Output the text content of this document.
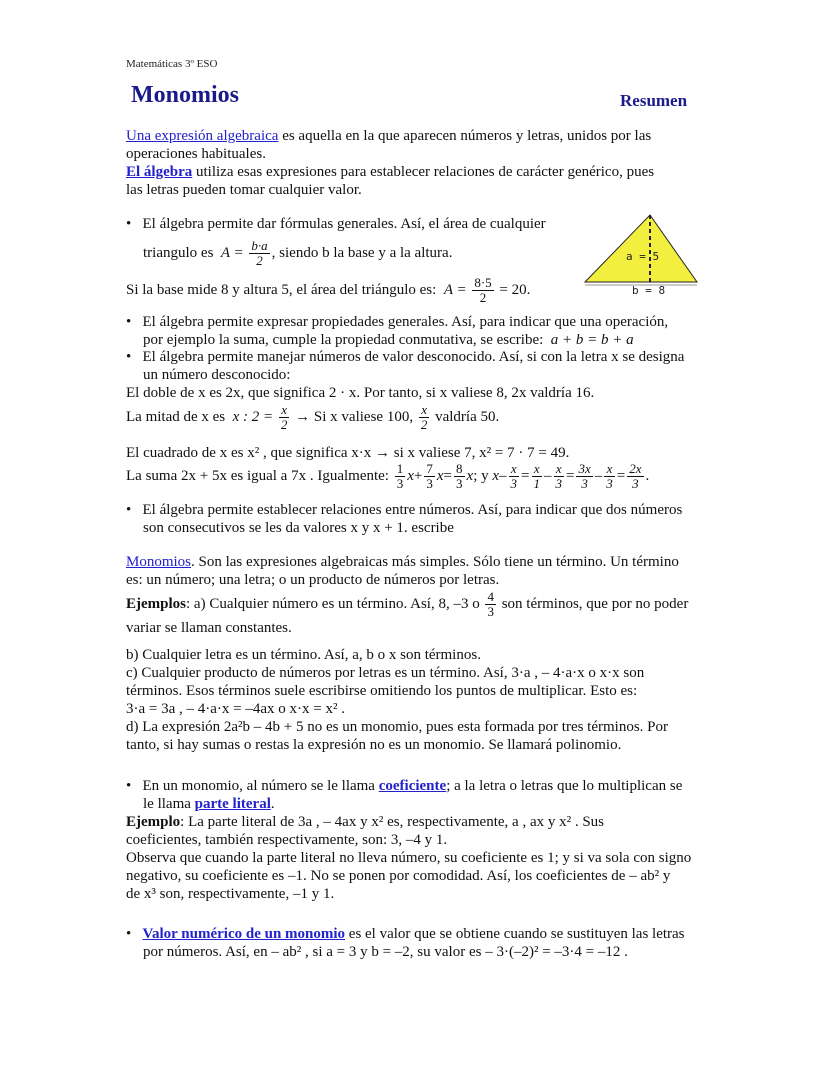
Matemáticas 3º ESO
Monomios	Resumen
Una expresión algebraica es aquella en la que aparecen números y letras, unidos por las
operaciones habituales.
El álgebra utiliza esas expresiones para establecer relaciones de carácter genérico, pues
las letras pueden tomar cualquier valor.
a = 5
b = 8
•   El álgebra permite dar fórmulas generales. Así, el área de cualquier
triangulo es $A = \frac{b\cdot a}{2}$ , siendo b la base y a la altura.
Si la base mide 8 y altura 5, el área del triángulo es: $A = \frac{8\cdot 5}{2} = 20$.
•   El álgebra permite expresar propiedades generales. Así, para indicar que una operación,
por ejemplo la suma, cumple la propiedad conmutativa, se escribe: a + b = b + a
•   El álgebra permite manejar números de valor desconocido. Así, si con la letra x se designa
un número desconocido:
El doble de x es 2x, que significa 2 · x. Por tanto, si x valiese 8, 2x valdría 16.
La mitad de x es x : $2 = \frac{x}{2} \to Si$ x valiese 100, $\frac{x}{2}$ valdría 50.
El cuadrado de x es x² , que significa x·x → si x valiese 7, x² = 7 · 7 = 49.
La suma 2x + 5x es igual a 7x . Igualmente: $\frac{1}{3} x+ \frac{7}{3} x= \frac{8}{3} x$; y $x- \frac{x}{3} = \frac{x}{1} - \frac{x}{3} = \frac{3x}{3} - \frac{x}{3} = \frac{2x}{3}$ .
•   El álgebra permite establecer relaciones entre números. Así, para indicar que dos números
son consecutivos se les da valores x y x + 1. escribe
Monomios. Son las expresiones algebraicas más simples. Sólo tiene un término. Un término
es: un número; una letra; o un producto de números por letras.
Ejemplos: a) Cualquier número es un término. Así, 8, –3 o $\frac{4}{3}$ son términos, que por no poder
variar se llaman constantes.
b) Cualquier letra es un término. Así, a, b o x son términos.
c) Cualquier producto de números por letras es un término. Así, 3·a , – 4·a·x o x·x son
términos. Esos términos suele escribirse omitiendo los puntos de multiplicar. Esto es:
3·a = 3a , – 4·a·x = –4ax o x·x = x² .
d) La expresión 2a²b – 4b + 5 no es un monomio, pues esta formada por tres términos. Por
tanto, si hay sumas o restas la expresión no es un monomio. Se llamará polinomio.
•   En un monomio, al número se le llama coeficiente; a la letra o letras que lo multiplican se
le llama parte literal.
Ejemplo: La parte literal de 3a , – 4ax y x² es, respectivamente, a , ax y x² . Sus
coeficientes, también respectivamente, son: 3, –4 y 1.
Observa que cuando la parte literal no lleva número, su coeficiente es 1; y si va sola con signo
negativo, su coeficiente es –1. No se ponen por comodidad. Así, los coeficientes de – ab² y
de x³ son, respectivamente, –1 y 1.
•   Valor numérico de un monomio es el valor que se obtiene cuando se sustituyen las letras
por números. Así, en – ab² , si a = 3 y b = –2, su valor es – 3·(–2)² = –3·4 = –12 .
